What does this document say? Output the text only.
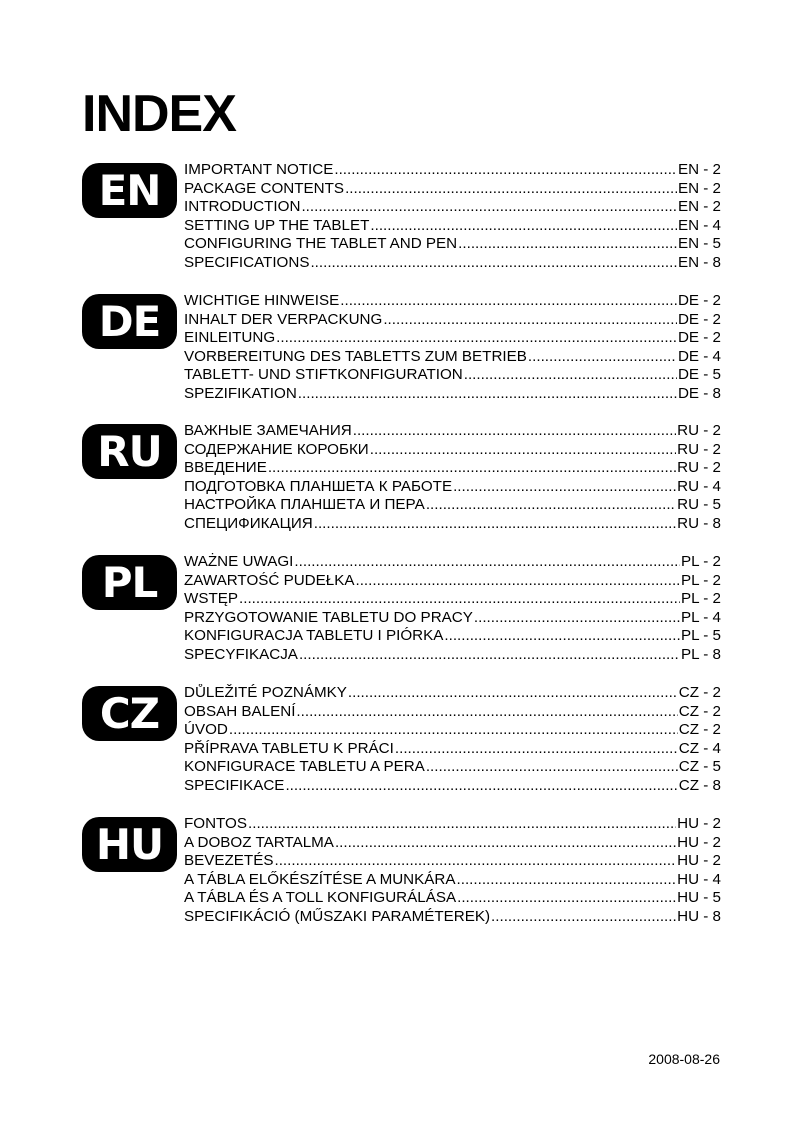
INDEX
EN	IMPORTANT NOTICE .....	EN - 2
PACKAGE CONTENTS .....	EN - 2
INTRODUCTION .....	EN - 2
SETTING UP THE TABLET .....	EN - 4
CONFIGURING THE TABLET AND PEN .....	EN - 5
SPECIFICATIONS .....	EN - 8
DE	WICHTIGE HINWEISE .....	DE - 2
INHALT DER VERPACKUNG .....	DE - 2
EINLEITUNG .....	DE - 2
VORBEREITUNG DES TABLETTS ZUM BETRIEB .....	DE - 4
TABLETT- UND STIFTKONFIGURATION .....	DE - 5
SPEZIFIKATION .....	DE - 8
RU	ВАЖНЫЕ ЗАМЕЧАНИЯ .....	RU - 2
СОДЕРЖАНИЕ КОРОБКИ .....	RU - 2
ВВЕДЕНИЕ .....	RU - 2
ПОДГОТОВКА ПЛАНШЕТА К РАБОТЕ .....	RU - 4
НАСТРОЙКА ПЛАНШЕТА И ПЕРА .....	RU - 5
СПЕЦИФИКАЦИЯ .....	RU - 8
PL	WAŻNE UWAGI .....	PL - 2
ZAWARTOŚĆ PUDEŁKA .....	PL - 2
WSTĘP .....	PL - 2
PRZYGOTOWANIE TABLETU DO PRACY .....	PL - 4
KONFIGURACJA TABLETU I PIÓRKA .....	PL - 5
SPECYFIKACJA .....	PL - 8
CZ	DŮLEŽITÉ POZNÁMKY .....	CZ - 2
OBSAH BALENÍ .....	CZ - 2
ÚVOD .....	CZ - 2
PŘÍPRAVA TABLETU K PRÁCI .....	CZ - 4
KONFIGURACE TABLETU A PERA .....	CZ - 5
SPECIFIKACE .....	CZ - 8
HU	FONTOS .....	HU - 2
A DOBOZ TARTALMA .....	HU - 2
BEVEZETÉS .....	HU - 2
A TÁBLA ELŐKÉSZÍTÉSE A MUNKÁRA .....	HU - 4
A TÁBLA ÉS A TOLL KONFIGURÁLÁSA .....	HU - 5
SPECIFIKÁCIÓ (MŰSZAKI PARAMÉTEREK) .....	HU - 8
2008-08-26
